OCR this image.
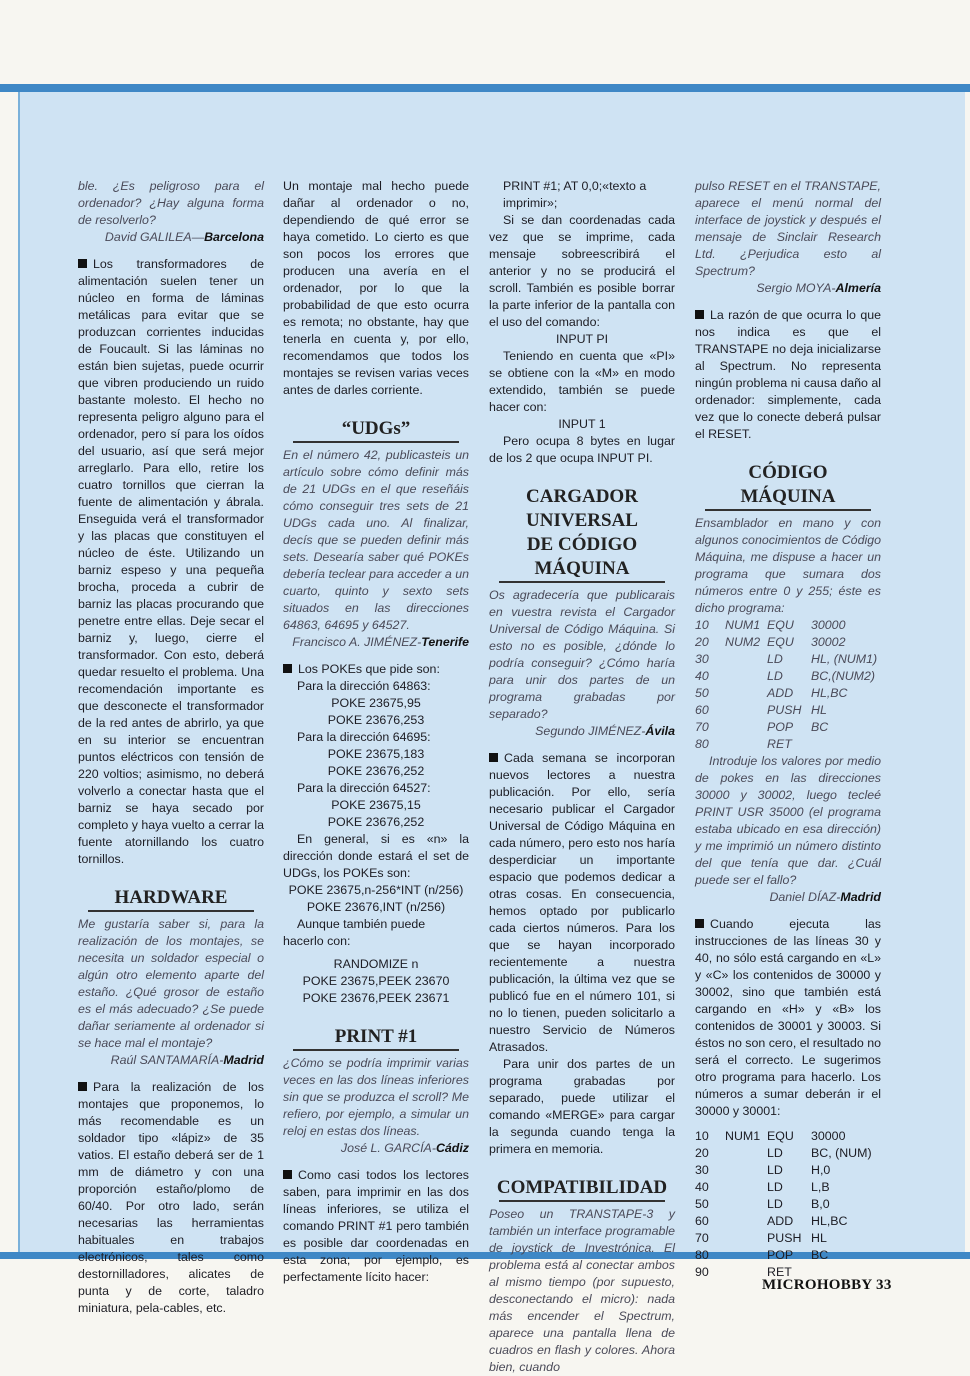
ble. ¿Es peligroso para el ordenador? ¿Hay alguna forma de resolverlo?

David GALILEA—Barcelona

Los transformadores de alimentación suelen tener un núcleo en forma de láminas metálicas para evitar que se produzcan corrientes inducidas de Foucault. Si las láminas no están bien sujetas, puede ocurrir que vibren produciendo un ruido bastante molesto. El hecho no representa peligro alguno para el ordenador, pero sí para los oídos del usuario, así que será mejor arreglarlo. Para ello, retire los cuatro tornillos que cierran la fuente de alimentación y ábrala. Enseguida verá el transformador y las placas que constituyen el núcleo de éste. Utilizando un barniz espeso y una pequeña brocha, proceda a cubrir de barniz las placas procurando que penetre entre ellas. Deje secar el barniz y, luego, cierre el transformador. Con esto, deberá quedar resuelto el problema. Una recomendación importante es que desconecte el transformador de la red antes de abrirlo, ya que en su interior se encuentran puntos eléctricos con tensión de 220 voltios; asimismo, no deberá volverlo a conectar hasta que el barniz se haya secado por completo y haya vuelto a cerrar la fuente atornillando los cuatro tornillos.

HARDWARE

Me gustaría saber si, para la realización de los montajes, se necesita un soldador especial o algún otro elemento aparte del estaño. ¿Qué grosor de estaño es el más adecuado? ¿Se puede dañar seriamente al ordenador si se hace mal el montaje?

Raúl SANTAMARÍA-Madrid

Para la realización de los montajes que proponemos, lo más recomendable es un soldador tipo «lápiz» de 35 vatios. El estaño deberá ser de 1 mm de diámetro y con una proporción estaño/plomo de 60/40. Por otro lado, serán necesarias las herramientas habituales en trabajos electrónicos, tales como destornilladores, alicates de punta y de corte, taladro miniatura, pela-cables, etc.

Un montaje mal hecho puede dañar al ordenador o no, dependiendo de qué error se haya cometido. Lo cierto es que son pocos los errores que producen una avería en el ordenador, por lo que la probabilidad de que esto ocurra es remota; no obstante, hay que tenerla en cuenta y, por ello, recomendamos que todos los montajes se revisen varias veces antes de darles corriente.

“UDGs”

En el número 42, publicasteis un artículo sobre cómo definir más de 21 UDGs en el que reseñáis cómo conseguir tres sets de 21 UDGs cada uno. Al finalizar, decís que se pueden definir más sets. Desearía saber qué POKEs debería teclear para acceder a un cuarto, quinto y sexto sets situados en las direcciones 64863, 64695 y 64527.

Francisco A. JIMÉNEZ-Tenerife

Los POKEs que pide son:

Para la dirección 64863:

POKE 23675,95

POKE 23676,253

Para la dirección 64695:

POKE 23675,183

POKE 23676,252

Para la dirección 64527:

POKE 23675,15

POKE 23676,252

En general, si es «n» la dirección donde estará el set de UDGs, los POKEs son:

POKE 23675,n-256*INT (n/256)

POKE 23676,INT (n/256)

Aunque también puede hacerlo con:

RANDOMIZE n

POKE 23675,PEEK 23670

POKE 23676,PEEK 23671

PRINT #1

¿Cómo se podría imprimir varias veces en las dos líneas inferiores sin que se produzca el scroll? Me refiero, por ejemplo, a simular un reloj en estas dos líneas.

José L. GARCÍA-Cádiz

Como casi todos los lectores saben, para imprimir en las dos líneas inferiores, se utiliza el comando PRINT #1 pero también es posible dar coordenadas en esta zona; por ejemplo, es perfectamente lícito hacer:

PRINT #1; AT 0,0;«texto a imprimir»;

Si se dan coordenadas cada vez que se imprime, cada mensaje sobreescribirá el anterior y no se producirá el scroll. También es posible borrar la parte inferior de la pantalla con el uso del comando:

INPUT PI

Teniendo en cuenta que «PI» se obtiene con la «M» en modo extendido, también se puede hacer con:

INPUT 1

Pero ocupa 8 bytes en lugar de los 2 que ocupa INPUT PI.

CARGADOR

UNIVERSAL

DE CÓDIGO MÁQUINA

Os agradecería que publicarais en vuestra revista el Cargador Universal de Código Máquina. Si esto no es posible, ¿dónde lo podría conseguir? ¿Cómo haría para unir dos partes de un programa grabadas por separado?

Segundo JIMÉNEZ-Ávila

Cada semana se incorporan nuevos lectores a nuestra publicación. Por ello, sería necesario publicar el Cargador Universal de Código Máquina en cada número, pero esto nos haría desperdiciar un importante espacio que podemos dedicar a otras cosas. En consecuencia, hemos optado por publicarlo cada ciertos números. Para los que se hayan incorporado recientemente a nuestra publicación, la última vez que se publicó fue en el número 101, si no lo tienen, pueden solicitarlo a nuestro Servicio de Números Atrasados.

Para unir dos partes de un programa grabadas por separado, puede utilizar el comando «MERGE» para cargar la segunda cuando tenga la primera en memoria.

COMPATIBILIDAD

Poseo un TRANSTAPE-3 y también un interface programable de joystick de Investrónica. El problema está al conectar ambos al mismo tiempo (por supuesto, desconectando el micro): nada más encender el Spectrum, aparece una pantalla llena de cuadros en flash y colores. Ahora bien, cuando

pulso RESET en el TRANSTAPE, aparece el menú normal del interface de joystick y después el mensaje de Sinclair Research Ltd. ¿Perjudica esto al Spectrum?

Sergio MOYA-Almería

La razón de que ocurra lo que nos indica es que el TRANSTAPE no deja inicializarse al Spectrum. No representa ningún problema ni causa daño al ordenador: simplemente, cada vez que lo conecte deberá pulsar el RESET.

CÓDIGO

MÁQUINA

Ensamblador en mano y con algunos conocimientos de Código Máquina, me dispuse a hacer un programa que sumara dos números entre 0 y 255; éste es dicho programa:

10	NUM1	EQU	30000
20	NUM2	EQU	30002
30		LD	HL, (NUM1)
40		LD	BC,(NUM2)
50		ADD	HL,BC
60		PUSH	HL
70		POP	BC
80		RET	

Introduje los valores por medio de pokes en las direcciones 30000 y 30002, luego tecleé PRINT USR 35000 (el programa estaba ubicado en esa dirección) y me imprimió un número distinto del que tenía que dar. ¿Cuál puede ser el fallo?

Daniel DÍAZ-Madrid

Cuando ejecuta las instrucciones de las líneas 30 y 40, no sólo está cargando en «L» y «C» los contenidos de 30000 y 30002, sino que también está cargando en «H» y «B» los contenidos de 30001 y 30003. Si éstos no son cero, el resultado no será el correcto. Le sugerimos otro programa para hacerlo. Los números a sumar deberán ir el 30000 y 30001:

10	NUM1	EQU	30000
20		LD	BC, (NUM)
30		LD	H,0
40		LD	L,B
50		LD	B,0
60		ADD	HL,BC
70		PUSH	HL
80		POP	BC
90		RET	
MICROHOBBY 33
